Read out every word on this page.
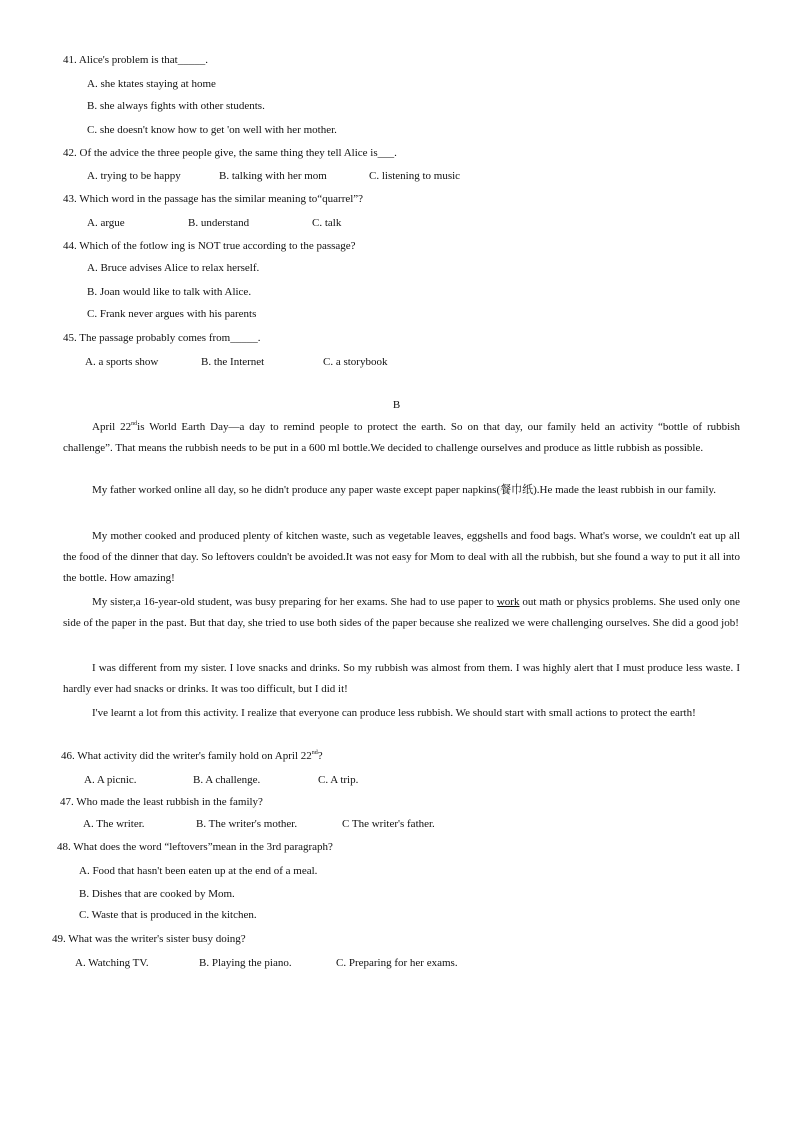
41. Alice's problem is that_____.
A. she ktates staying at home
B. she always fights with other students.
C. she doesn't know how to get 'on well with her mother.
42. Of the advice the three people give, the same thing they tell Alice is___.
A. trying to be happy	B. talking with her mom	C. listening to music
43. Which word in the passage has the similar meaning to“quarrel”?
A. argue	B. understand	C. talk
44. Which of the fotlow ing is NOT true according to the passage?
A. Bruce advises Alice to relax herself.
B. Joan would like to talk with Alice.
C. Frank never argues with his parents
45. The passage probably comes from_____.
A. a sports show	B. the Internet	C. a storybook
B
April 22ndis World Earth Day—a day to remind people to protect the earth. So on that day, our family held an activity “bottle of rubbish challenge”. That means the rubbish needs to be put in a 600 ml bottle.We decided to challenge ourselves and produce as little rubbish as possible.
My father worked online all day, so he didn't produce any paper waste except paper napkins(餐巾纸).He made the least rubbish in our family.
My mother cooked and produced plenty of kitchen waste, such as vegetable leaves, eggshells and food bags. What's worse, we couldn't eat up all the food of the dinner that day. So leftovers couldn't be avoided.It was not easy for Mom to deal with all the rubbish, but she found a way to put it all into the bottle. How amazing!
My sister,a 16-year-old student, was busy preparing for her exams. She had to use paper to work out math or physics problems. She used only one side of the paper in the past. But that day, she tried to use both sides of the paper because she realized we were challenging ourselves. She did a good job!
I was different from my sister. I love snacks and drinks. So my rubbish was almost from them. I was highly alert that I must produce less waste. I hardly ever had snacks or drinks. It was too difficult, but I did it!
I've learnt a lot from this activity. I realize that everyone can produce less rubbish. We should start with small actions to protect the earth!
46. What activity did the writer's family hold on April 22nd?
A. A picnic.	B. A challenge.	C. A trip.
47. Who made the least rubbish in the family?
A. The writer.	B. The writer's mother.	C The writer's father.
48. What does the word “leftovers”mean in the 3rd paragraph?
A. Food that hasn't been eaten up at the end of a meal.
B. Dishes that are cooked by Mom.
C. Waste that is produced in the kitchen.
49. What was the writer's sister busy doing?
A. Watching TV.	B. Playing the piano.	C. Preparing for her exams.
